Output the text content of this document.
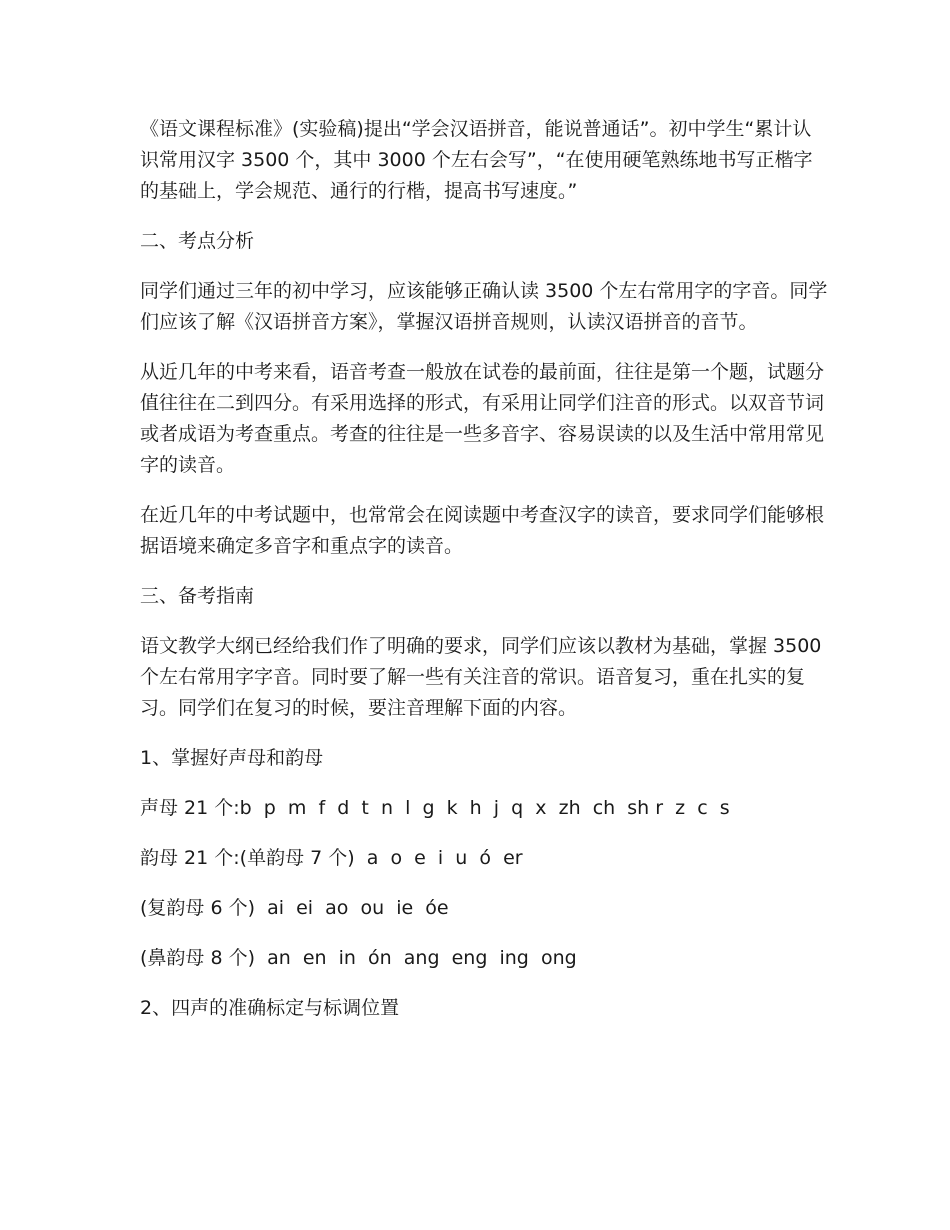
《语文课程标准》(实验稿)提出“学会汉语拼音，能说普通话”。初中学生“累计认识常用汉字 3500 个，其中 3000 个左右会写”，“在使用硬笔熟练地书写正楷字的基础上，学会规范、通行的行楷，提高书写速度。”

二、考点分析

同学们通过三年的初中学习，应该能够正确认读 3500 个左右常用字的字音。同学们应该了解《汉语拼音方案》，掌握汉语拼音规则，认读汉语拼音的音节。

从近几年的中考来看，语音考查一般放在试卷的最前面，往往是第一个题，试题分值往往在二到四分。有采用选择的形式，有采用让同学们注音的形式。以双音节词或者成语为考查重点。考查的往往是一些多音字、容易误读的以及生活中常用常见字的读音。

在近几年的中考试题中，也常常会在阅读题中考查汉字的读音，要求同学们能够根据语境来确定多音字和重点字的读音。

三、备考指南

语文教学大纲已经给我们作了明确的要求，同学们应该以教材为基础，掌握 3500 个左右常用字字音。同时要了解一些有关注音的常识。语音复习，重在扎实的复习。同学们在复习的时候，要注音理解下面的内容。

1、掌握好声母和韵母

声母 21 个:b  p  m  f  d  t  n  l  g  k  h  j  q  x  zh  ch  sh r  z  c  s

韵母 21 个:(单韵母 7 个)  a  o  e  i  u  ó  er

(复韵母 6 个)  ai  ei  ao  ou  ie  óe

(鼻韵母 8 个)  an  en  in  ón  ang  eng  ing  ong

2、四声的准确标定与标调位置
